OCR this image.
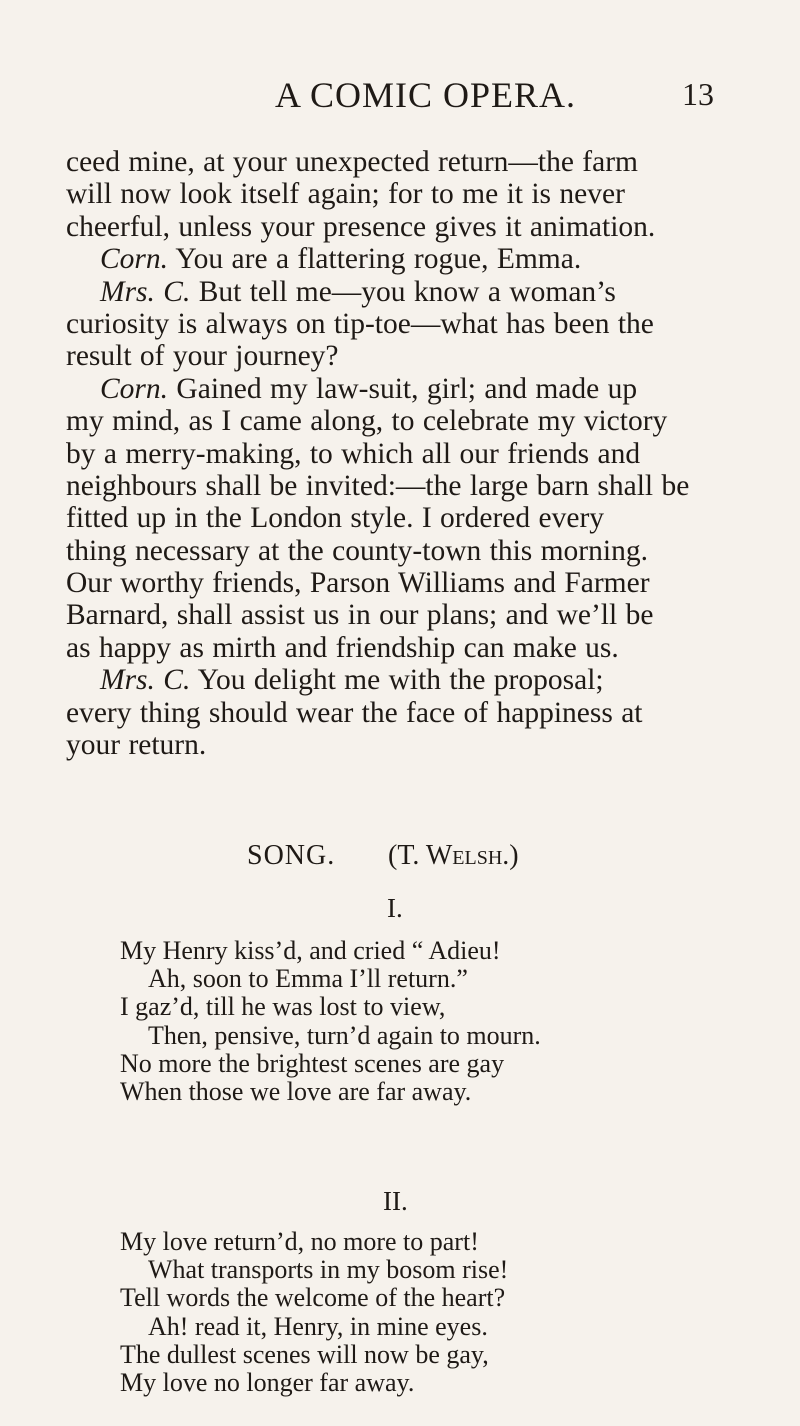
A COMIC OPERA.	13
ceed mine, at your unexpected return—the farm
will now look itself again; for to me it is never
cheerful, unless your presence gives it animation.
Corn. You are a flattering rogue, Emma.
Mrs. C. But tell me—you know a woman’s
curiosity is always on tip-toe—what has been the
result of your journey?
Corn. Gained my law-suit, girl; and made up
my mind, as I came along, to celebrate my victory
by a merry-making, to which all our friends and
neighbours shall be invited:—the large barn shall be
fitted up in the London style. I ordered every
thing necessary at the county-town this morning.
Our worthy friends, Parson Williams and Farmer
Barnard, shall assist us in our plans; and we’ll be
as happy as mirth and friendship can make us.
Mrs. C. You delight me with the proposal;
every thing should wear the face of happiness at
your return.
SONG. (T. Welsh.)
I.
My Henry kiss’d, and cried “ Adieu!
Ah, soon to Emma I’ll return.”
I gaz’d, till he was lost to view,
Then, pensive, turn’d again to mourn.
No more the brightest scenes are gay
When those we love are far away.
II.
My love return’d, no more to part!
What transports in my bosom rise!
Tell words the welcome of the heart?
Ah! read it, Henry, in mine eyes.
The dullest scenes will now be gay,
My love no longer far away.
